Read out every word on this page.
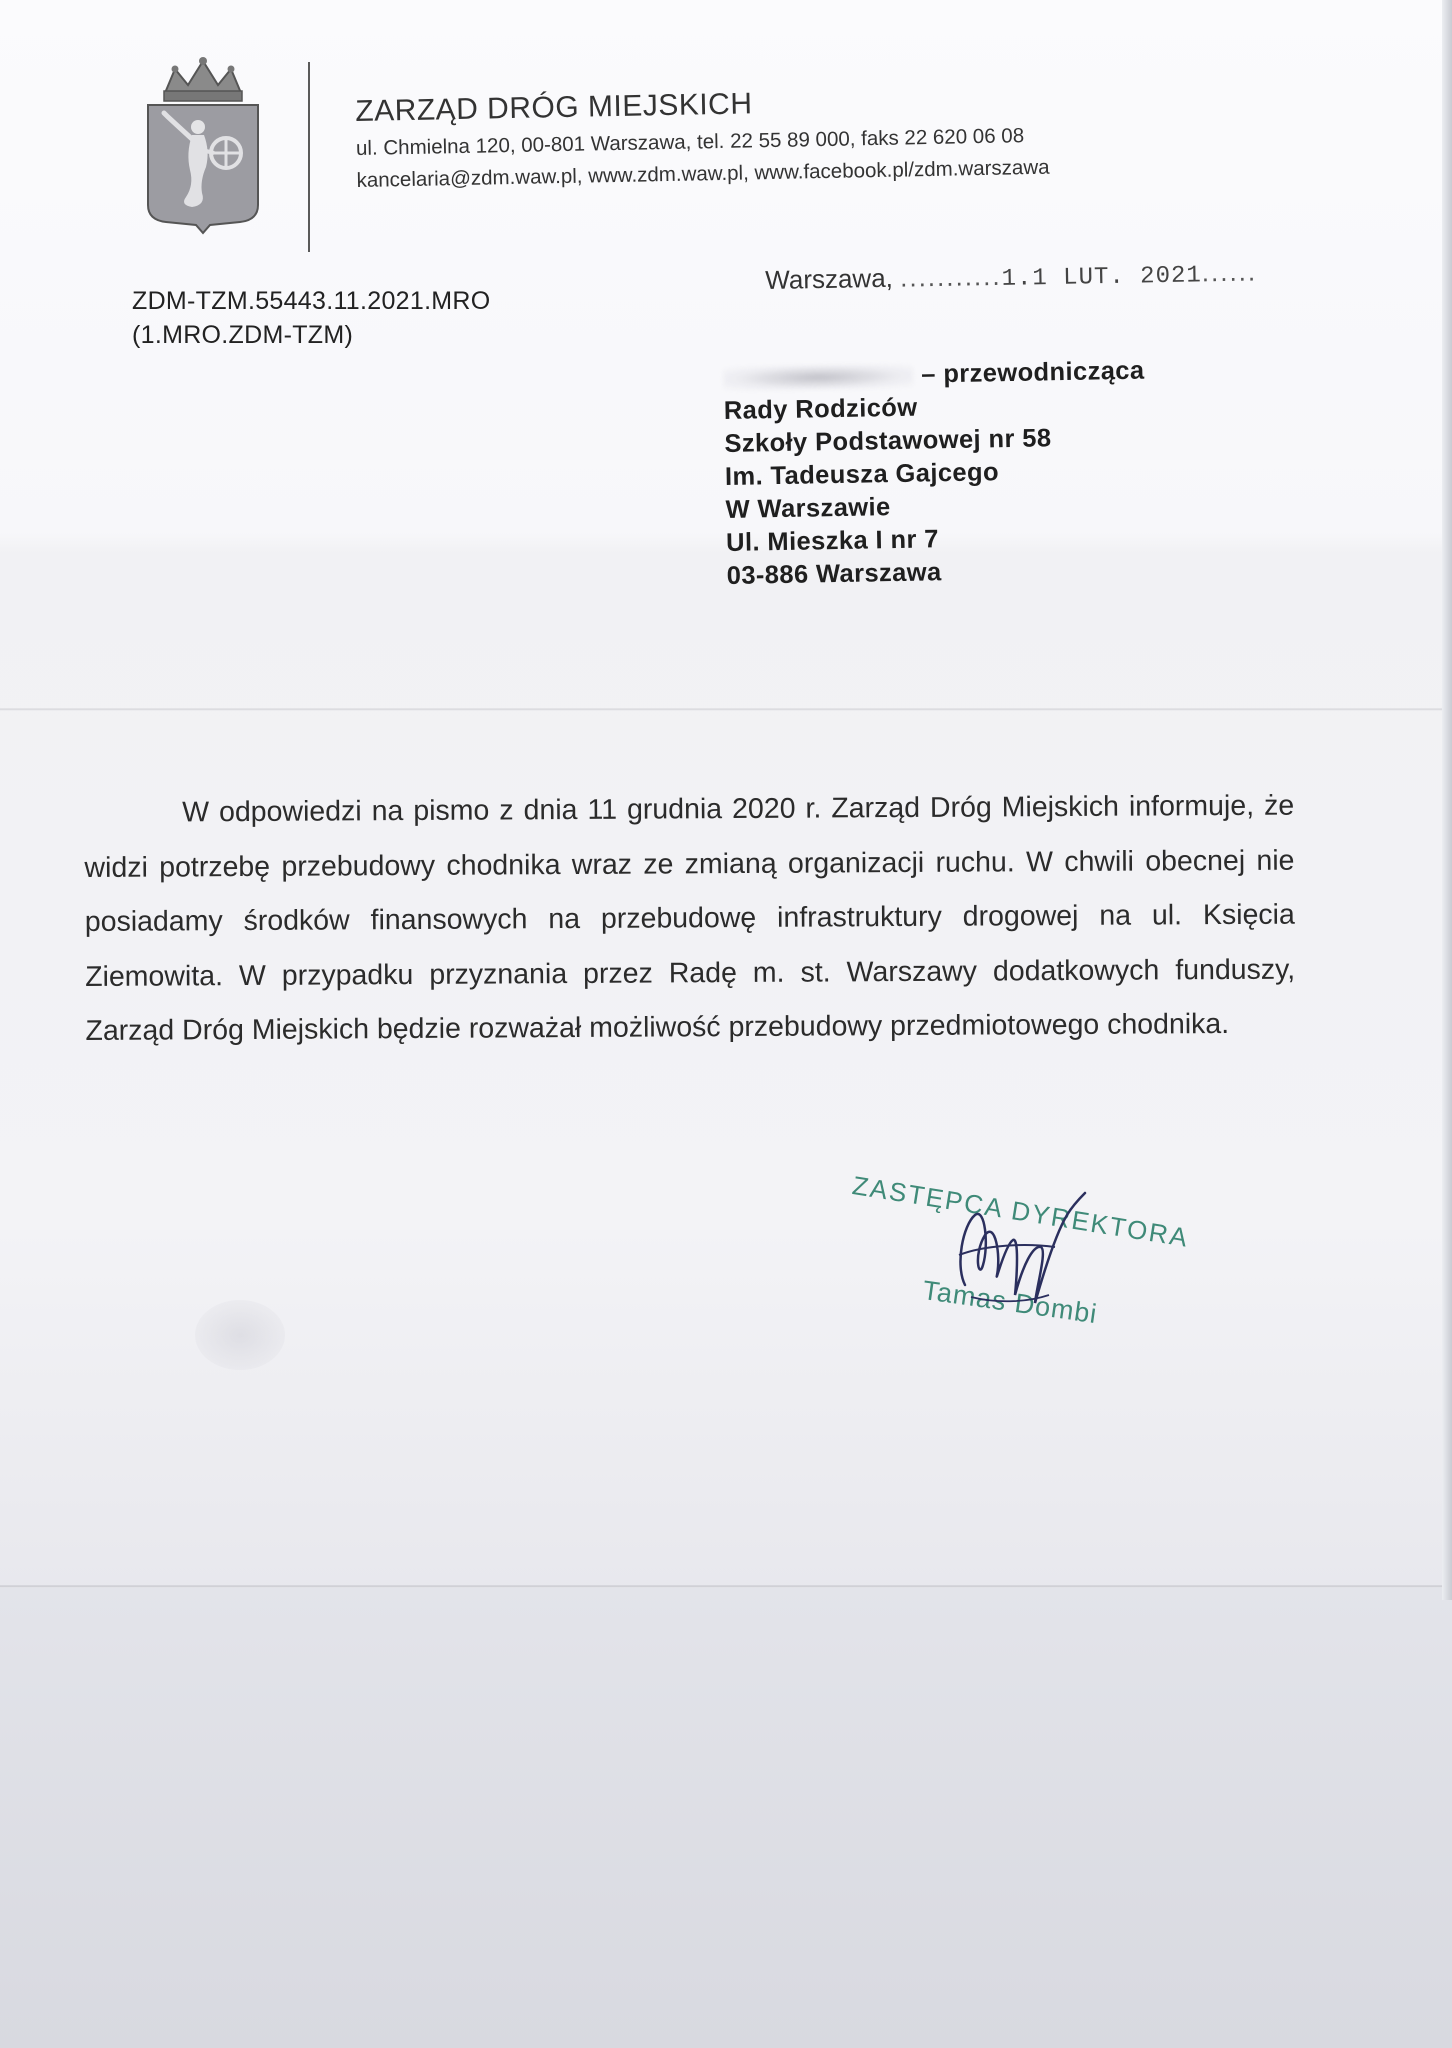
ZARZĄD DRÓG MIEJSKICH
ul. Chmielna 120, 00-801 Warszawa, tel. 22 55 89 000, faks 22 620 06 08
kancelaria@zdm.waw.pl, www.zdm.waw.pl, www.facebook.pl/zdm.warszawa
ZDM-TZM.55443.11.2021.MRO
(1.MRO.ZDM-TZM)
Warszawa, ...........1.1 LUT. 2021......
– przewodnicząca
Rady Rodziców
Szkoły Podstawowej nr 58
Im. Tadeusza Gajcego
W Warszawie
Ul. Mieszka I nr 7
03-886 Warszawa

W odpowiedzi na pismo z dnia 11 grudnia 2020 r. Zarząd Dróg Miejskich informuje, że widzi potrzebę przebudowy chodnika wraz ze zmianą organizacji ruchu. W chwili obecnej nie posiadamy środków finansowych na przebudowę infrastruktury drogowej na ul. Księcia Ziemowita. W przypadku przyznania przez Radę m. st. Warszawy dodatkowych funduszy, Zarząd Dróg Miejskich będzie rozważał możliwość przebudowy przedmiotowego chodnika.

ZASTĘPCA DYREKTORA
Tamas Dombi
